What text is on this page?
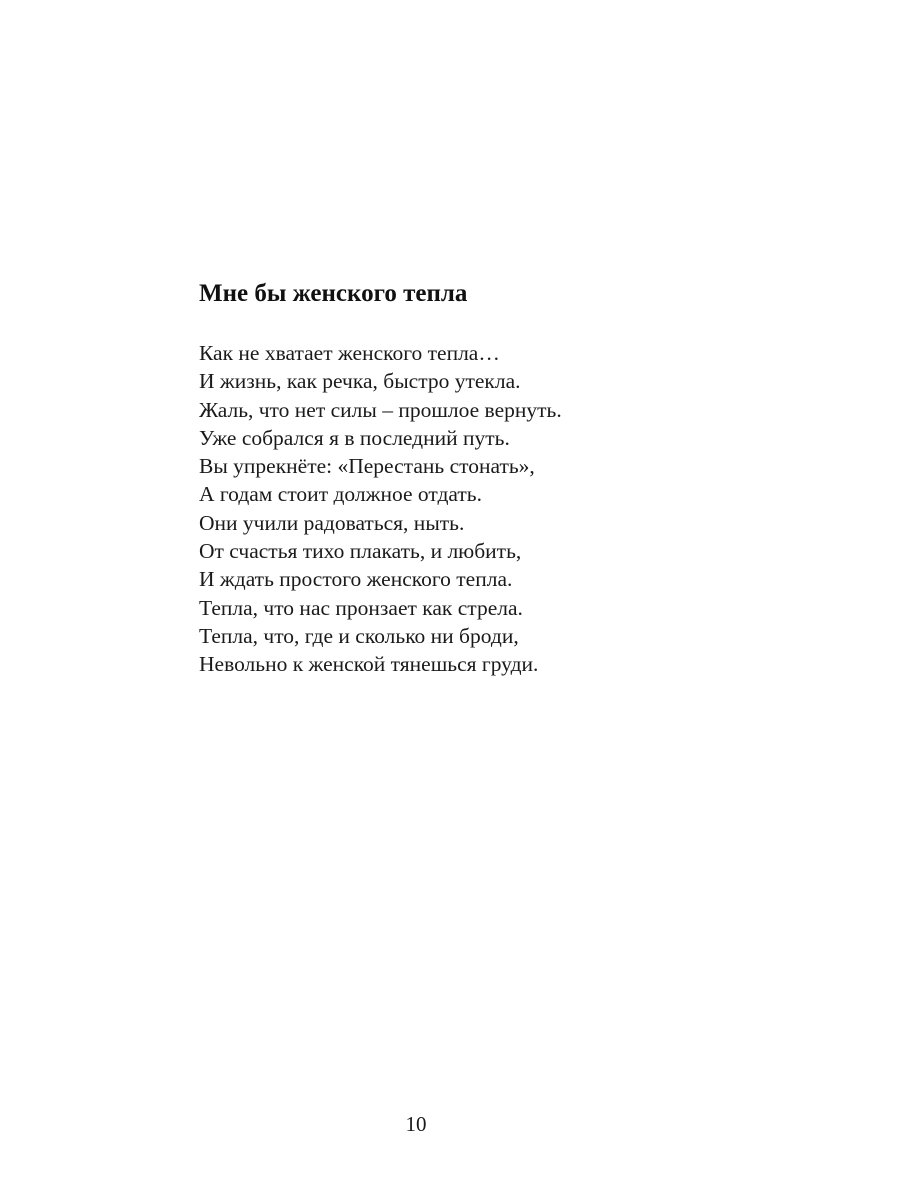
Мне бы женского тепла
Как не хватает женского тепла…
И жизнь, как речка, быстро утекла.
Жаль, что нет силы – прошлое вернуть.
Уже собрался я в последний путь.
Вы упрекнёте: «Перестань стонать»,
А годам стоит должное отдать.
Они учили радоваться, ныть.
От счастья тихо плакать, и любить,
И ждать простого женского тепла.
Тепла, что нас пронзает как стрела.
Тепла, что, где и сколько ни броди,
Невольно к женской тянешься груди.
10
